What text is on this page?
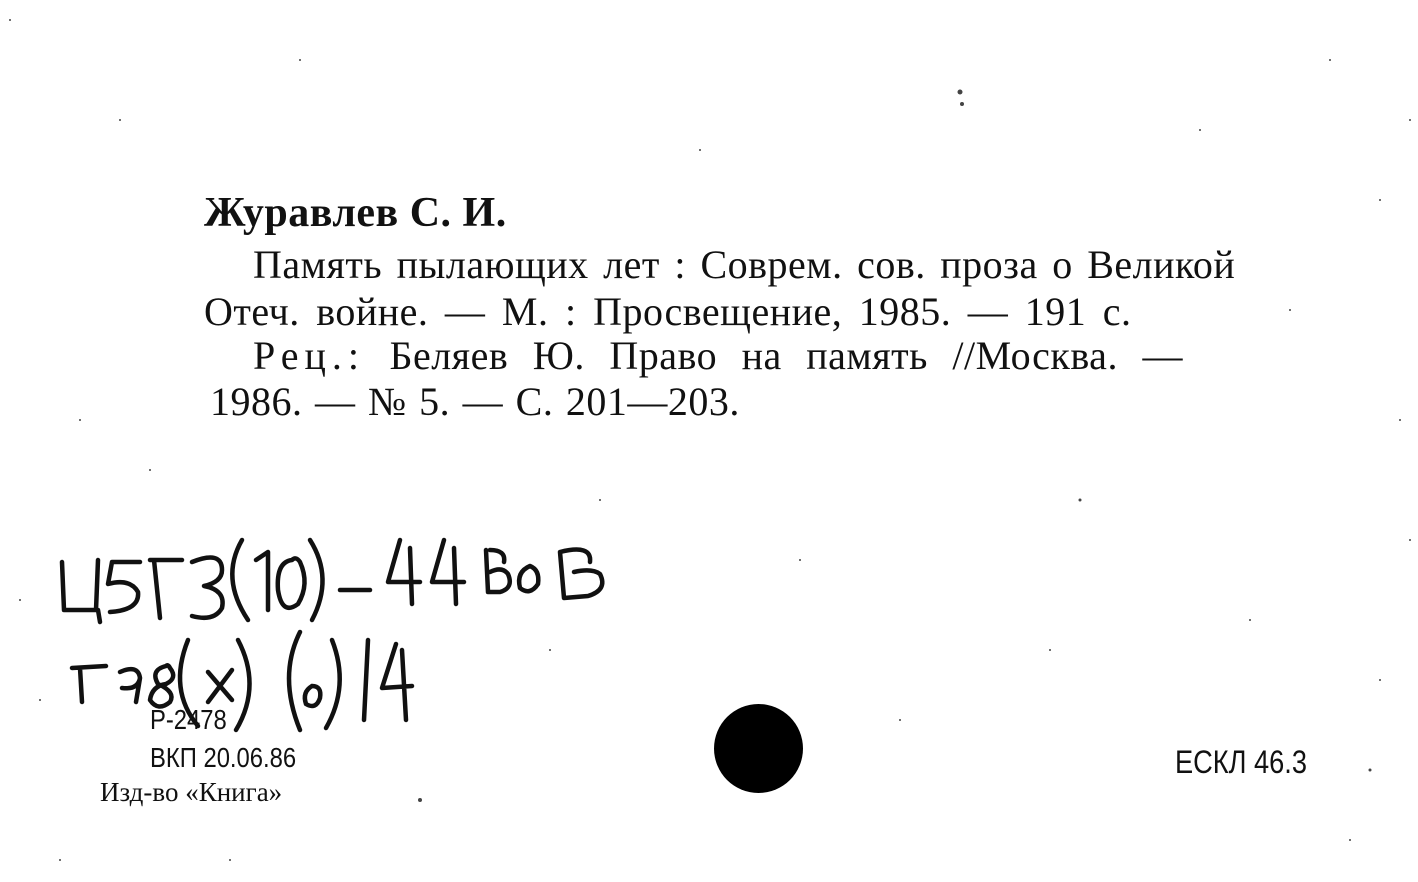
Журавлев С. И.
Память пылающих лет : Соврем. сов. проза о Великой
Отеч. войне. — М. : Просвещение, 1985. — 191 с.
Рец.: Беляев Ю. Право на память //Москва. —
1986. — № 5. — С. 201—203.
Р-2478
ВКП 20.06.86
Изд-во «Книга»
ЕСКЛ 46.3
